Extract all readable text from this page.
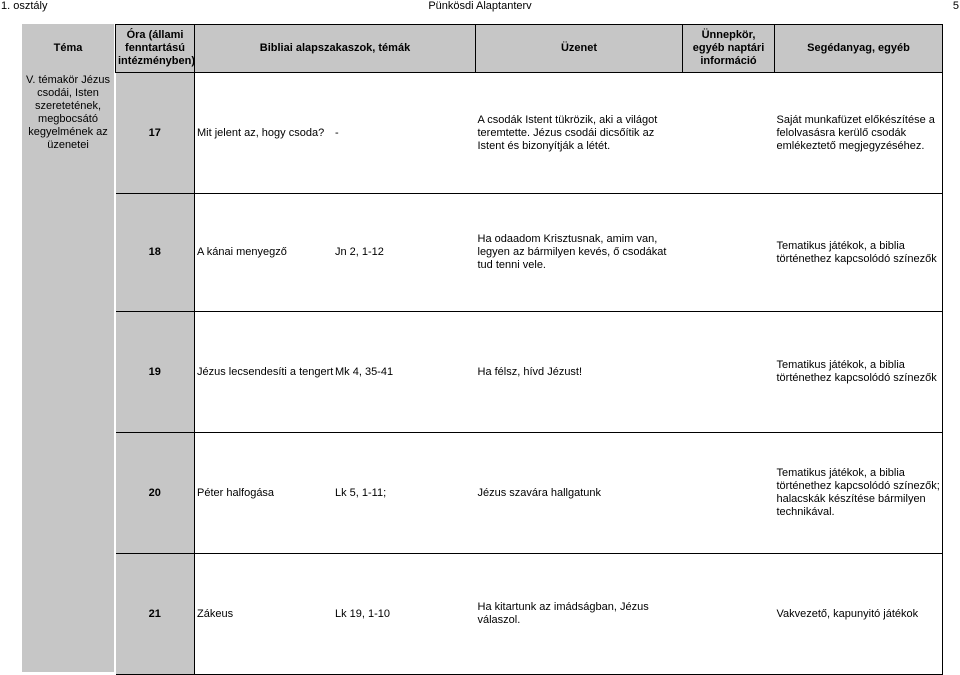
1. osztály	Pünkösdi Alaptanterv	5
Téma
V. témakör Jézus csodái, Isten szeretetének, megbocsátó kegyelmének az üzenetei
Óra (állami fenntartású intézményben)	Bibliai alapszakaszok, témák	Üzenet	Ünnepkör, egyéb naptári információ	Segédanyag, egyéb
17	Mit jelent az, hogy csoda? -	A csodák Istent tükrözik, aki a világot teremtette. Jézus csodái dicsőítik az Istent és bizonyítják a létét.		Saját munkafüzet előkészítése a felolvasásra kerülő csodák emlékeztető megjegyzéséhez.
18	A kánai menyegző Jn 2, 1-12	Ha odaadom Krisztusnak, amim van, legyen az bármilyen kevés, ő csodákat tud tenni vele.		Tematikus játékok, a biblia történethez kapcsolódó színezők
19	Jézus lecsendesíti a tengert Mk 4, 35-41	Ha félsz, hívd Jézust!		Tematikus játékok, a biblia történethez kapcsolódó színezők
20	Péter halfogása Lk 5, 1-11;	Jézus szavára hallgatunk		Tematikus játékok, a biblia történethez kapcsolódó színezők; halacskák készítése bármilyen technikával.
21	Zákeus Lk 19, 1-10	Ha kitartunk az imádságban, Jézus válaszol.		Vakvezető, kapunyitó játékok
